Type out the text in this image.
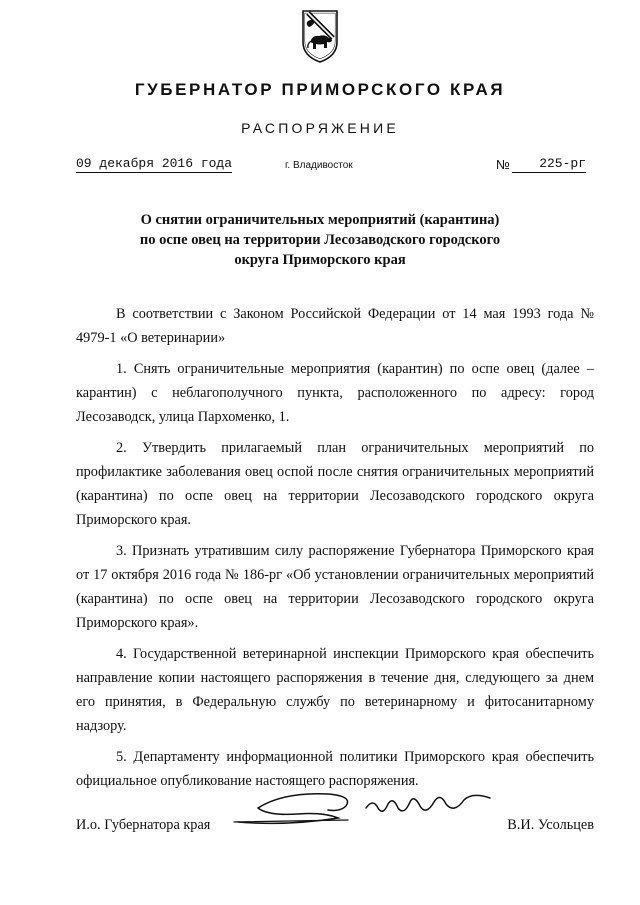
ГУБЕРНАТОР ПРИМОРСКОГО КРАЯ
РАСПОРЯЖЕНИЕ
09 декабря 2016 года	г. Владивосток	№	225-рг
О снятии ограничительных мероприятий (карантина)
по оспе овец на территории Лесозаводского городского
округа Приморского края

В соответствии с Законом Российской Федерации от 14 мая 1993 года № 4979-1 «О ветеринарии»

1. Снять ограничительные мероприятия (карантин) по оспе овец (далее – карантин) с неблагополучного пункта, расположенного по адресу: город Лесозаводск, улица Пархоменко, 1.

2. Утвердить прилагаемый план ограничительных мероприятий по профилактике заболевания овец оспой после снятия ограничительных мероприятий (карантина) по оспе овец на территории Лесозаводского городского округа Приморского края.

3. Признать утратившим силу распоряжение Губернатора Приморского края от 17 октября 2016 года № 186-рг «Об установлении ограничительных мероприятий (карантина) по оспе овец на территории Лесозаводского городского округа Приморского края».

4. Государственной ветеринарной инспекции Приморского края обеспечить направление копии настоящего распоряжения в течение дня, следующего за днем его принятия, в Федеральную службу по ветеринарному и фитосанитарному надзору.

5. Департаменту информационной политики Приморского края обеспечить официальное опубликование настоящего распоряжения.

И.о. Губернатора края	В.И. Усольцев
